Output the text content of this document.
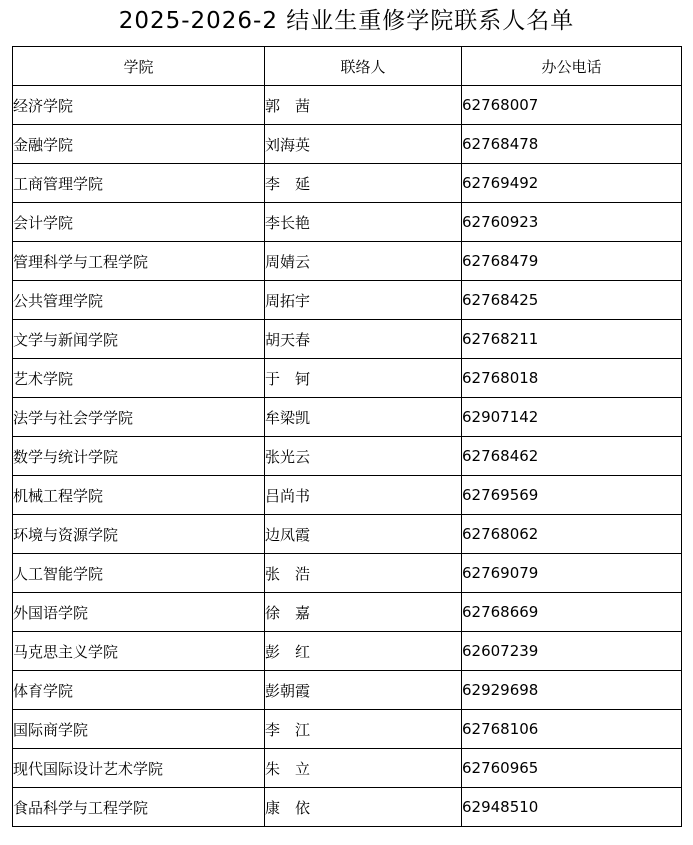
2025-2026-2 结业生重修学院联系人名单
学院	联络人	办公电话
经济学院	郭　茜	62768007
金融学院	刘海英	62768478
工商管理学院	李　延	62769492
会计学院	李长艳	62760923
管理科学与工程学院	周婧云	62768479
公共管理学院	周拓宇	62768425
文学与新闻学院	胡天春	62768211
艺术学院	于　钶	62768018
法学与社会学学院	牟梁凯	62907142
数学与统计学院	张光云	62768462
机械工程学院	吕尚书	62769569
环境与资源学院	边凤霞	62768062
人工智能学院	张　浩	62769079
外国语学院	徐　嘉	62768669
马克思主义学院	彭　红	62607239
体育学院	彭朝霞	62929698
国际商学院	李　江	62768106
现代国际设计艺术学院	朱　立	62760965
食品科学与工程学院	康　依	62948510
